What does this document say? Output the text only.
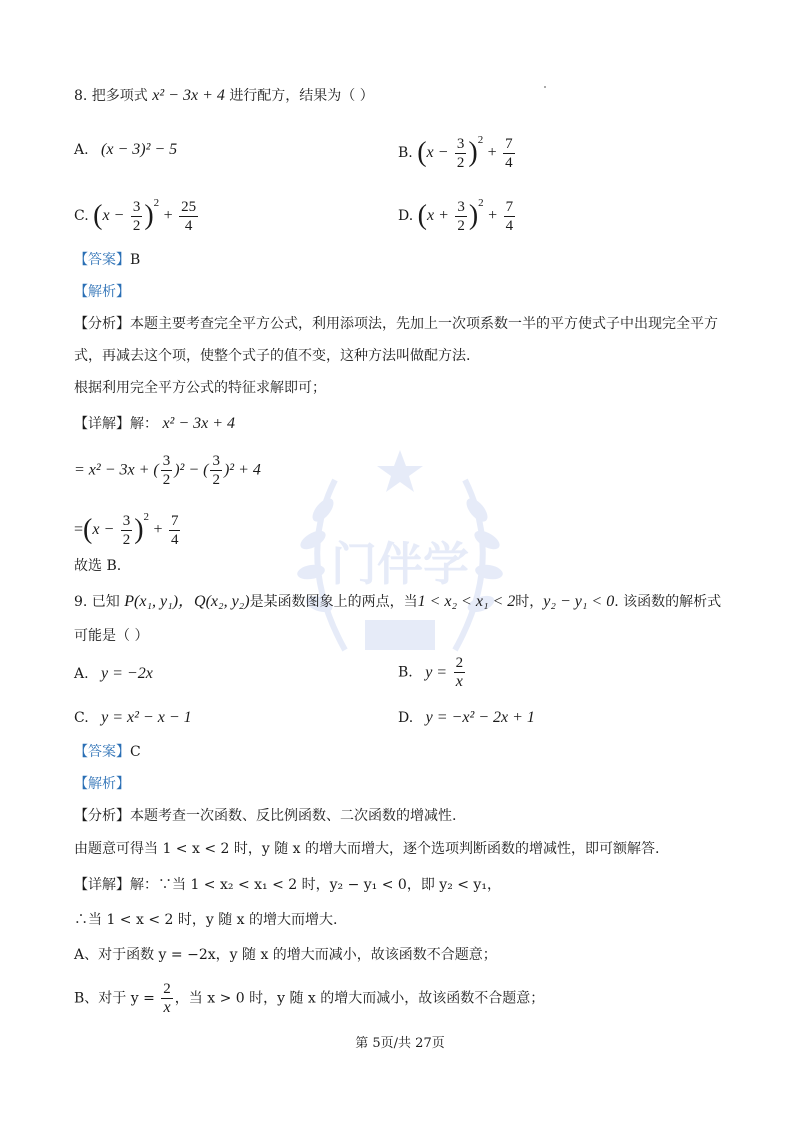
门伴学
8. 把多项式 x² − 3x + 4 进行配方，结果为（ ）
A. (x − 3)² − 5	B. $(x - \frac{3}{2} )^2 + \frac{7}{4}$
C. $(x - \frac{3}{2} )^2 + \frac{25}{4}$	D. $(x + \frac{3}{2} )^2 + \frac{7}{4}$
【答案】B
【解析】
【分析】本题主要考查完全平方公式，利用添项法，先加上一次项系数一半的平方使式子中出现完全平方
式，再减去这个项，使整个式子的值不变，这种方法叫做配方法.
根据利用完全平方公式的特征求解即可；
【详解】解： x² − 3x + 4
= x² − 3x + ( $\frac{3}{2} )^2$ − ( $\frac{3}{2} )^2 + 4$
$=(x - \frac{3}{2} )^2 + \frac{7}{4}$
故选 B.
9. 已知 P(x₁, y₁)，Q(x₂, y₂)是某函数图象上的两点，当1 < x₂ < x₁ < 2时，y₂ − y₁ < 0. 该函数的解析式
可能是（ ）
A. y = −2x	B. $y = \frac{2}{x}$
C. y = x² − x − 1	D. y = −x² − 2x + 1
【答案】C
【解析】
【分析】本题考查一次函数、反比例函数、二次函数的增减性.
由题意可得当 1 < x < 2 时，y 随 x 的增大而增大，逐个选项判断函数的增减性，即可额解答.
【详解】解：∵当 1 < x₂ < x₁ < 2 时，y₂ − y₁ < 0，即 y₂ < y₁，
∴当 1 < x < 2 时，y 随 x 的增大而增大.
A、对于函数 y = −2x，y 随 x 的增大而减小，故该函数不合题意；
B、对于 $y = \frac{2}{x}$ ，当 x > 0 时，y 随 x 的增大而减小，故该函数不合题意；
第 5页/共 27页
